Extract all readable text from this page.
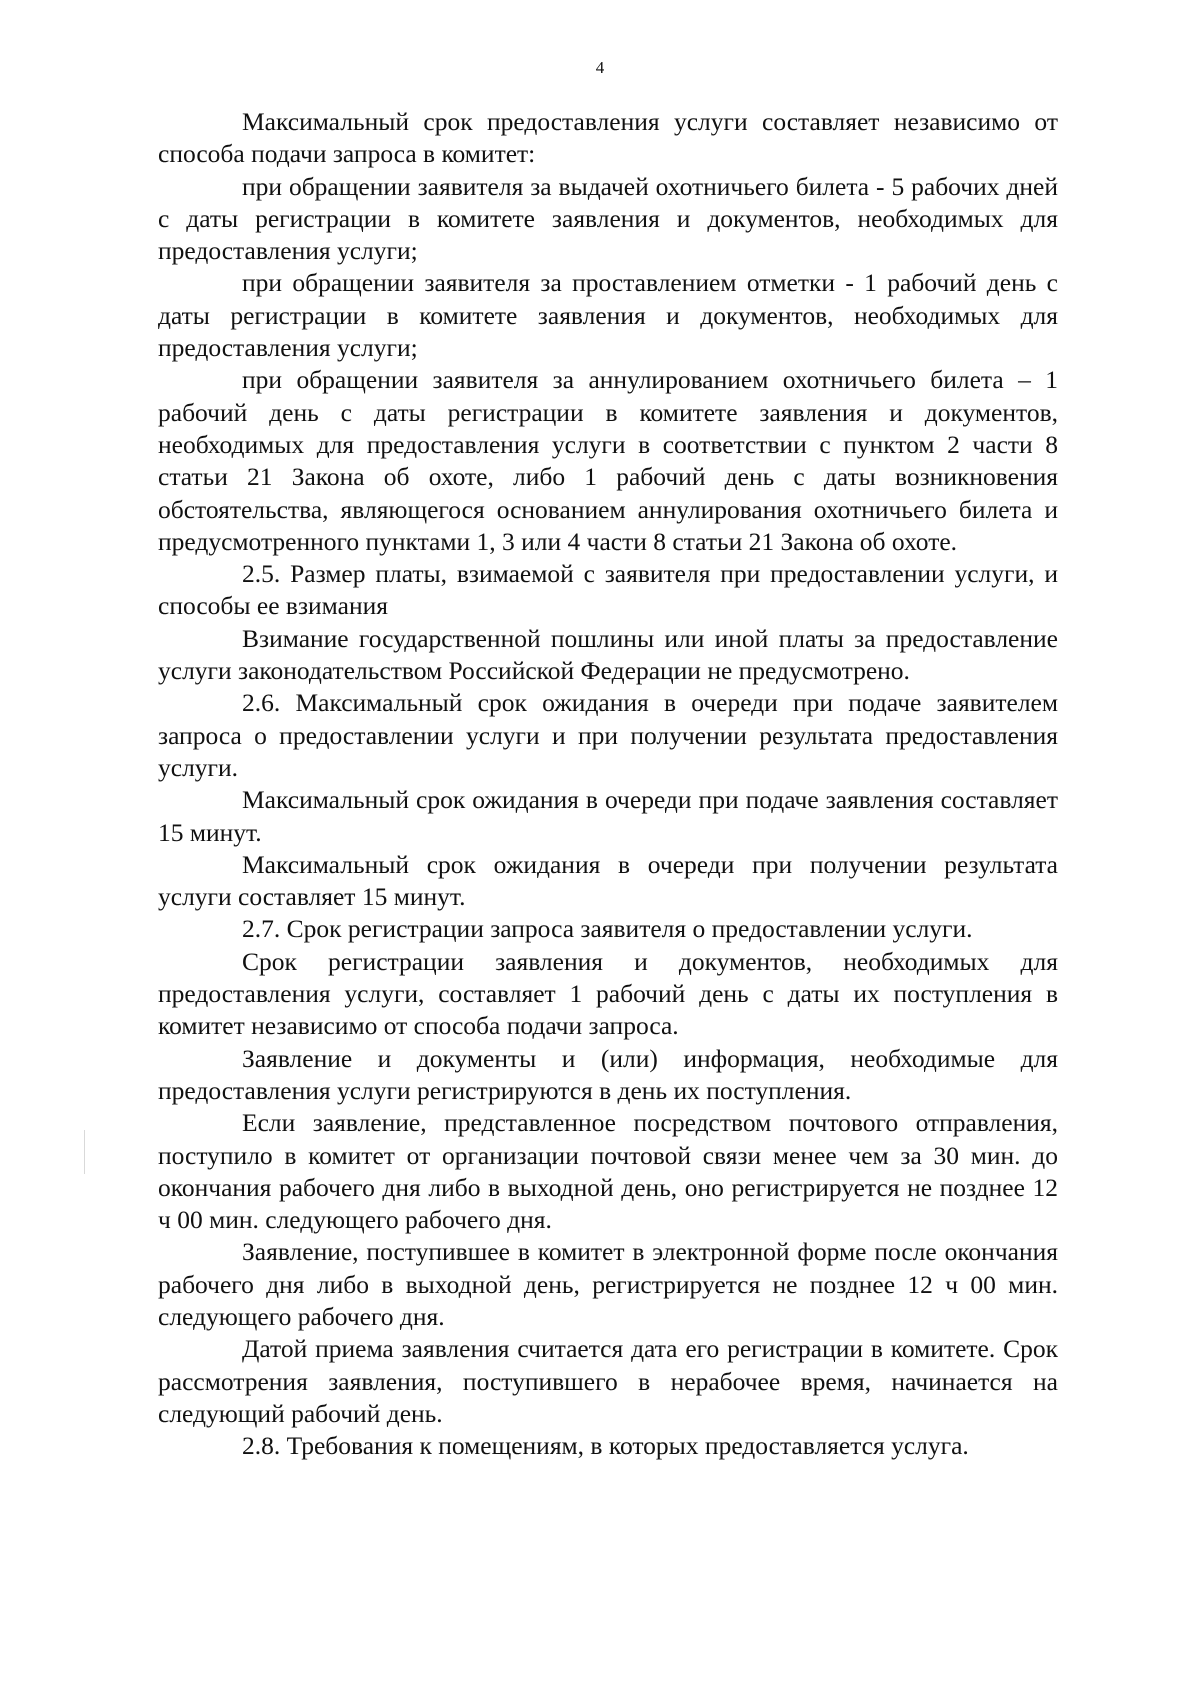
4

Максимальный срок предоставления услуги составляет независимо от способа подачи запроса в комитет:

при обращении заявителя за выдачей охотничьего билета - 5 рабочих дней с даты регистрации в комитете заявления и документов, необходимых для предоставления услуги;

при обращении заявителя за проставлением отметки - 1 рабочий день с даты регистрации в комитете заявления и документов, необходимых для предоставления услуги;

при обращении заявителя за аннулированием охотничьего билета – 1 рабочий день с даты регистрации в комитете заявления и документов, необходимых для предоставления услуги в соответствии с пунктом 2 части 8 статьи 21 Закона об охоте, либо 1 рабочий день с даты возникновения обстоятельства, являющегося основанием аннулирования охотничьего билета и предусмотренного пунктами 1, 3 или 4 части 8 статьи 21 Закона об охоте.

2.5. Размер платы, взимаемой с заявителя при предоставлении услуги, и способы ее взимания

Взимание государственной пошлины или иной платы за предоставление услуги законодательством Российской Федерации не предусмотрено.

2.6. Максимальный срок ожидания в очереди при подаче заявителем запроса о предоставлении услуги и при получении результата предоставления услуги.

Максимальный срок ожидания в очереди при подаче заявления составляет 15 минут.

Максимальный срок ожидания в очереди при получении результата услуги составляет 15 минут.

2.7. Срок регистрации запроса заявителя о предоставлении услуги.

Срок регистрации заявления и документов, необходимых для предоставления услуги, составляет 1 рабочий день с даты их поступления в комитет независимо от способа подачи запроса.

Заявление и документы и (или) информация, необходимые для предоставления услуги регистрируются в день их поступления.

Если заявление, представленное посредством почтового отправления, поступило в комитет от организации почтовой связи менее чем за 30 мин. до окончания рабочего дня либо в выходной день, оно регистрируется не позднее 12 ч 00 мин. следующего рабочего дня.

Заявление, поступившее в комитет в электронной форме после окончания рабочего дня либо в выходной день, регистрируется не позднее 12 ч 00 мин. следующего рабочего дня.

Датой приема заявления считается дата его регистрации в комитете. Срок рассмотрения заявления, поступившего в нерабочее время, начинается на следующий рабочий день.

2.8. Требования к помещениям, в которых предоставляется услуга.
